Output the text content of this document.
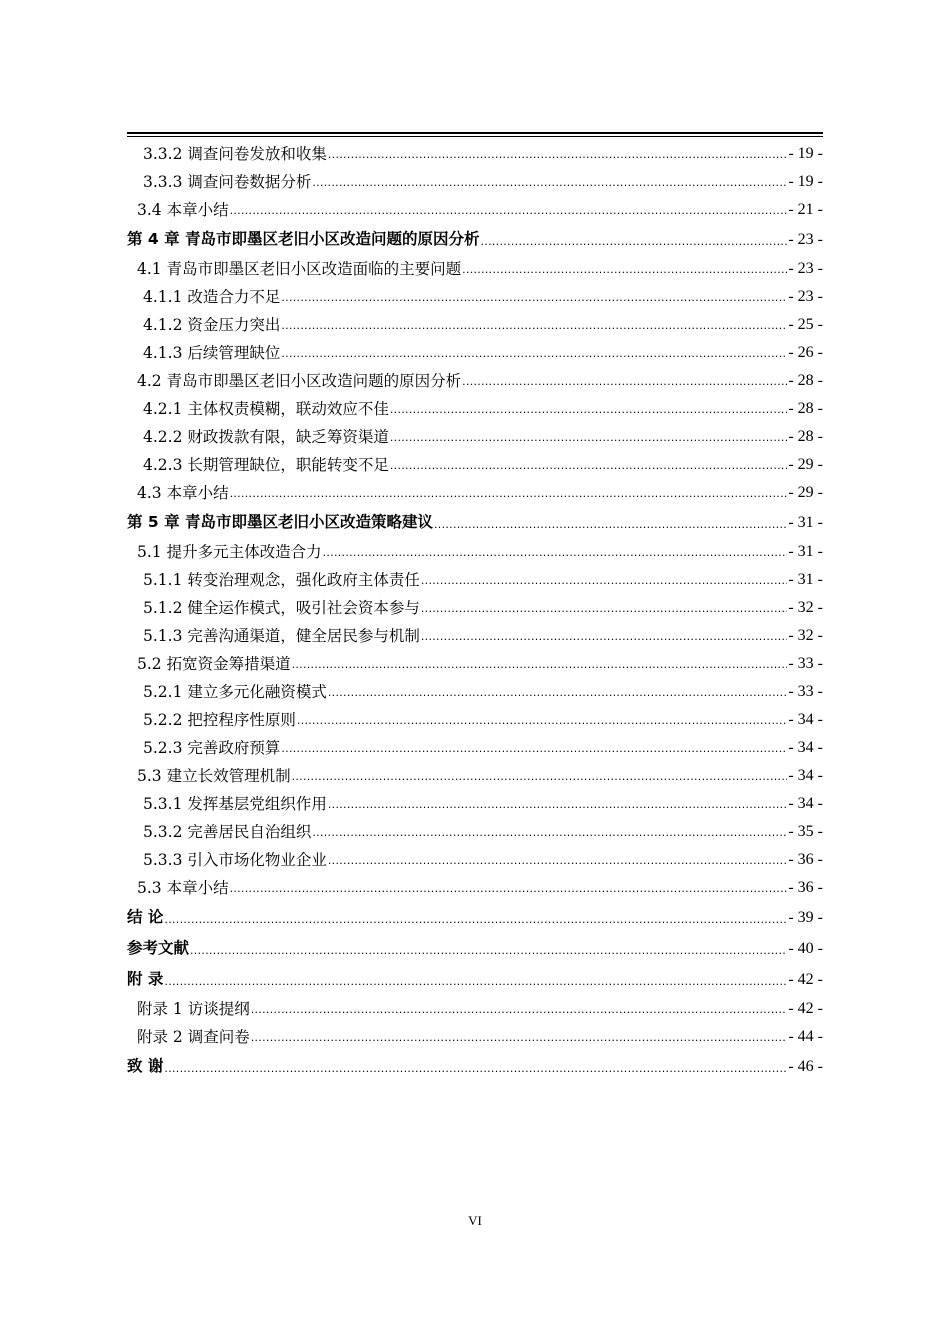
3.3.2 调查问卷发放和收集 .....	- 19 -
3.3.3 调查问卷数据分析 .....	- 19 -
3.4 本章小结 .....	- 21 -
第 4 章 青岛市即墨区老旧小区改造问题的原因分析 .....	- 23 -
4.1 青岛市即墨区老旧小区改造面临的主要问题 .....	- 23 -
4.1.1 改造合力不足 .....	- 23 -
4.1.2 资金压力突出 .....	- 25 -
4.1.3 后续管理缺位 .....	- 26 -
4.2 青岛市即墨区老旧小区改造问题的原因分析 .....	- 28 -
4.2.1 主体权责模糊，联动效应不佳 .....	- 28 -
4.2.2 财政拨款有限，缺乏筹资渠道 .....	- 28 -
4.2.3 长期管理缺位，职能转变不足 .....	- 29 -
4.3 本章小结 .....	- 29 -
第 5 章 青岛市即墨区老旧小区改造策略建议 .....	- 31 -
5.1 提升多元主体改造合力 .....	- 31 -
5.1.1 转变治理观念，强化政府主体责任 .....	- 31 -
5.1.2 健全运作模式，吸引社会资本参与 .....	- 32 -
5.1.3 完善沟通渠道，健全居民参与机制 .....	- 32 -
5.2 拓宽资金筹措渠道 .....	- 33 -
5.2.1 建立多元化融资模式 .....	- 33 -
5.2.2 把控程序性原则 .....	- 34 -
5.2.3 完善政府预算 .....	- 34 -
5.3 建立长效管理机制 .....	- 34 -
5.3.1 发挥基层党组织作用 .....	- 34 -
5.3.2 完善居民自治组织 .....	- 35 -
5.3.3 引入市场化物业企业 .....	- 36 -
5.3 本章小结 .....	- 36 -
结 论 .....	- 39 -
参考文献 .....	- 40 -
附 录 .....	- 42 -
附录 1 访谈提纲 .....	- 42 -
附录 2 调查问卷 .....	- 44 -
致 谢 .....	- 46 -
VI
